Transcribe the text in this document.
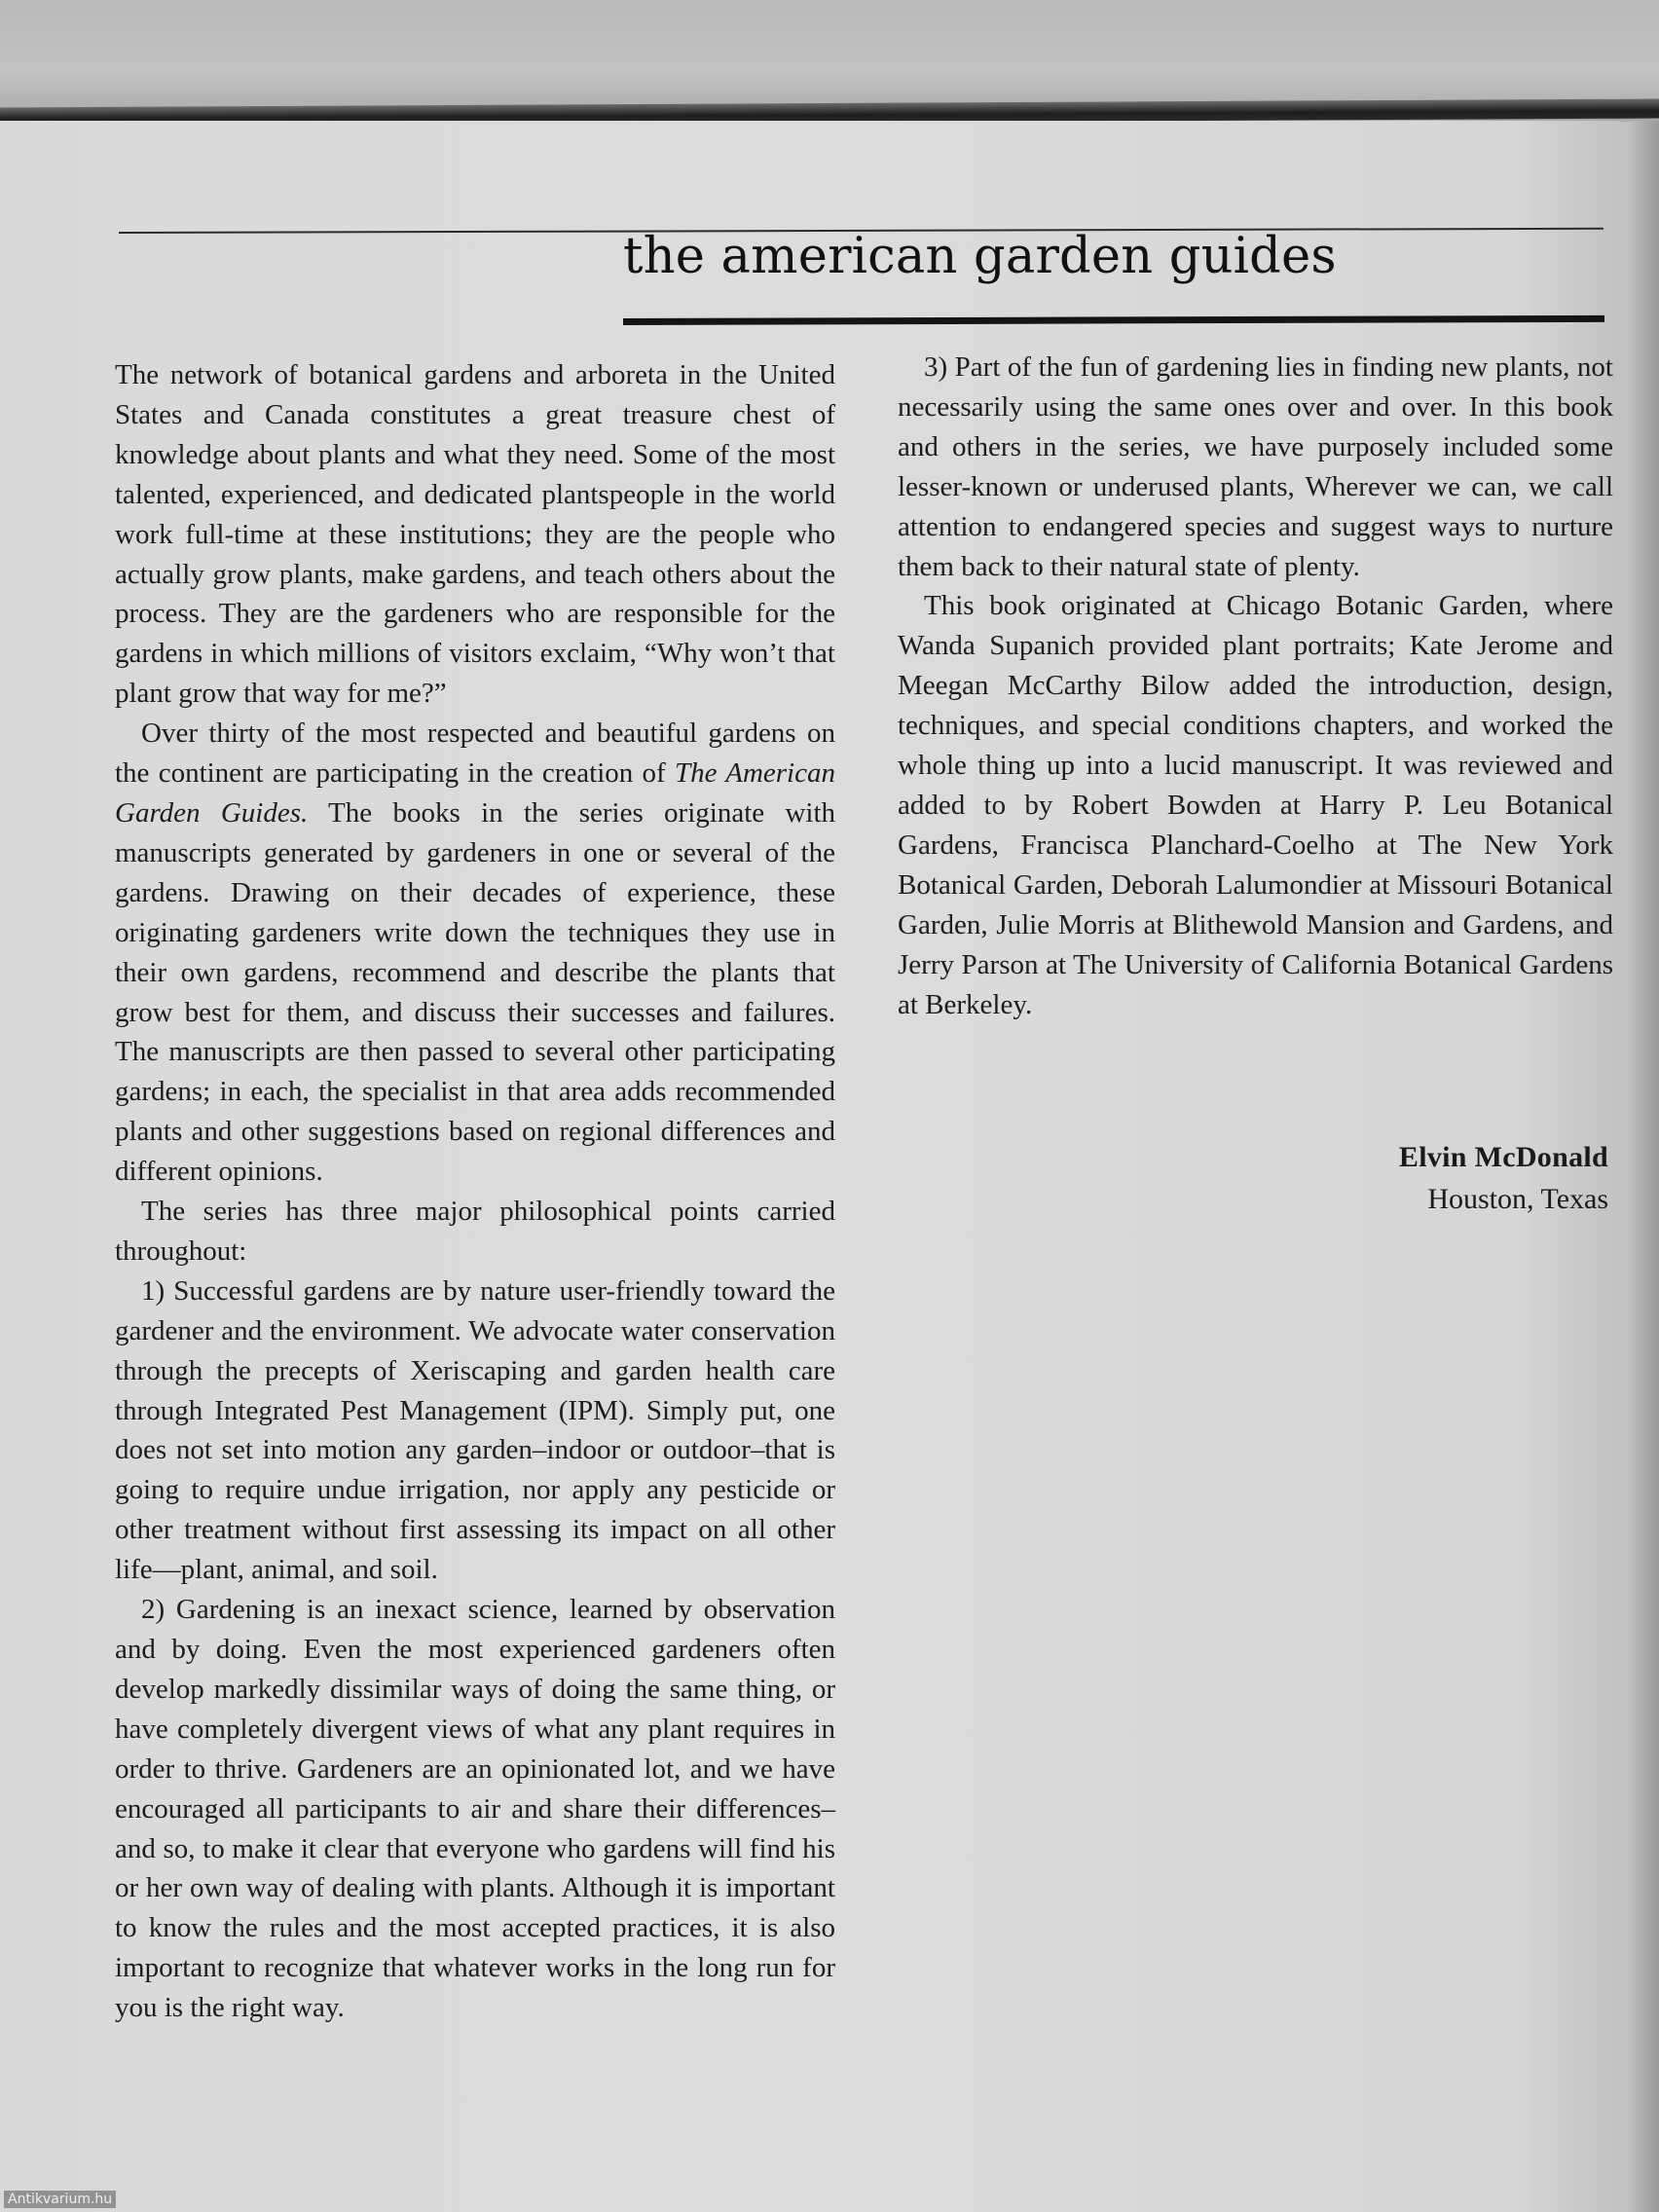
the american garden guides

The network of botanical gardens and arboreta in the United States and Canada constitutes a great treasure chest of knowledge about plants and what they need. Some of the most talented, experienced, and dedicated plantspeople in the world work full-time at these institutions; they are the people who actually grow plants, make gardens, and teach others about the process. They are the gardeners who are responsible for the gardens in which millions of visitors exclaim, “Why won’t that plant grow that way for me?”

Over thirty of the most respected and beautiful gardens on the continent are participating in the creation of The American Garden Guides. The books in the series originate with manuscripts generated by gardeners in one or several of the gardens. Drawing on their decades of experience, these originating gardeners write down the techniques they use in their own gardens, recommend and describe the plants that grow best for them, and discuss their successes and failures. The manuscripts are then passed to several other participating gardens; in each, the specialist in that area adds recommended plants and other suggestions based on regional differences and different opinions.

The series has three major philosophical points carried throughout:

1) Successful gardens are by nature user-friendly toward the gardener and the environment. We advocate water conservation through the precepts of Xeriscaping and garden health care through Integrated Pest Management (IPM). Simply put, one does not set into motion any garden–indoor or outdoor–that is going to require undue irrigation, nor apply any pesticide or other treatment without first assessing its impact on all other life—plant, animal, and soil.

2) Gardening is an inexact science, learned by observation and by doing. Even the most experienced gardeners often develop markedly dissimilar ways of doing the same thing, or have completely divergent views of what any plant requires in order to thrive. Gardeners are an opinionated lot, and we have encouraged all participants to air and share their differences–and so, to make it clear that everyone who gardens will find his or her own way of dealing with plants. Although it is important to know the rules and the most accepted practices, it is also important to recognize that whatever works in the long run for you is the right way.

3) Part of the fun of gardening lies in finding new plants, not necessarily using the same ones over and over. In this book and others in the series, we have purposely included some lesser-known or underused plants, Wherever we can, we call attention to endangered species and suggest ways to nurture them back to their natural state of plenty.

This book originated at Chicago Botanic Garden, where Wanda Supanich provided plant portraits; Kate Jerome and Meegan McCarthy Bilow added the introduction, design, techniques, and special conditions chapters, and worked the whole thing up into a lucid manuscript. It was reviewed and added to by Robert Bowden at Harry P. Leu Botanical Gardens, Francisca Planchard-Coelho at The New York Botanical Garden, Deborah Lalumondier at Missouri Botanical Garden, Julie Morris at Blithewold Mansion and Gardens, and Jerry Parson at The University of California Botanical Gardens at Berkeley.

Elvin McDonald
Houston, Texas
Antikvarium.hu
